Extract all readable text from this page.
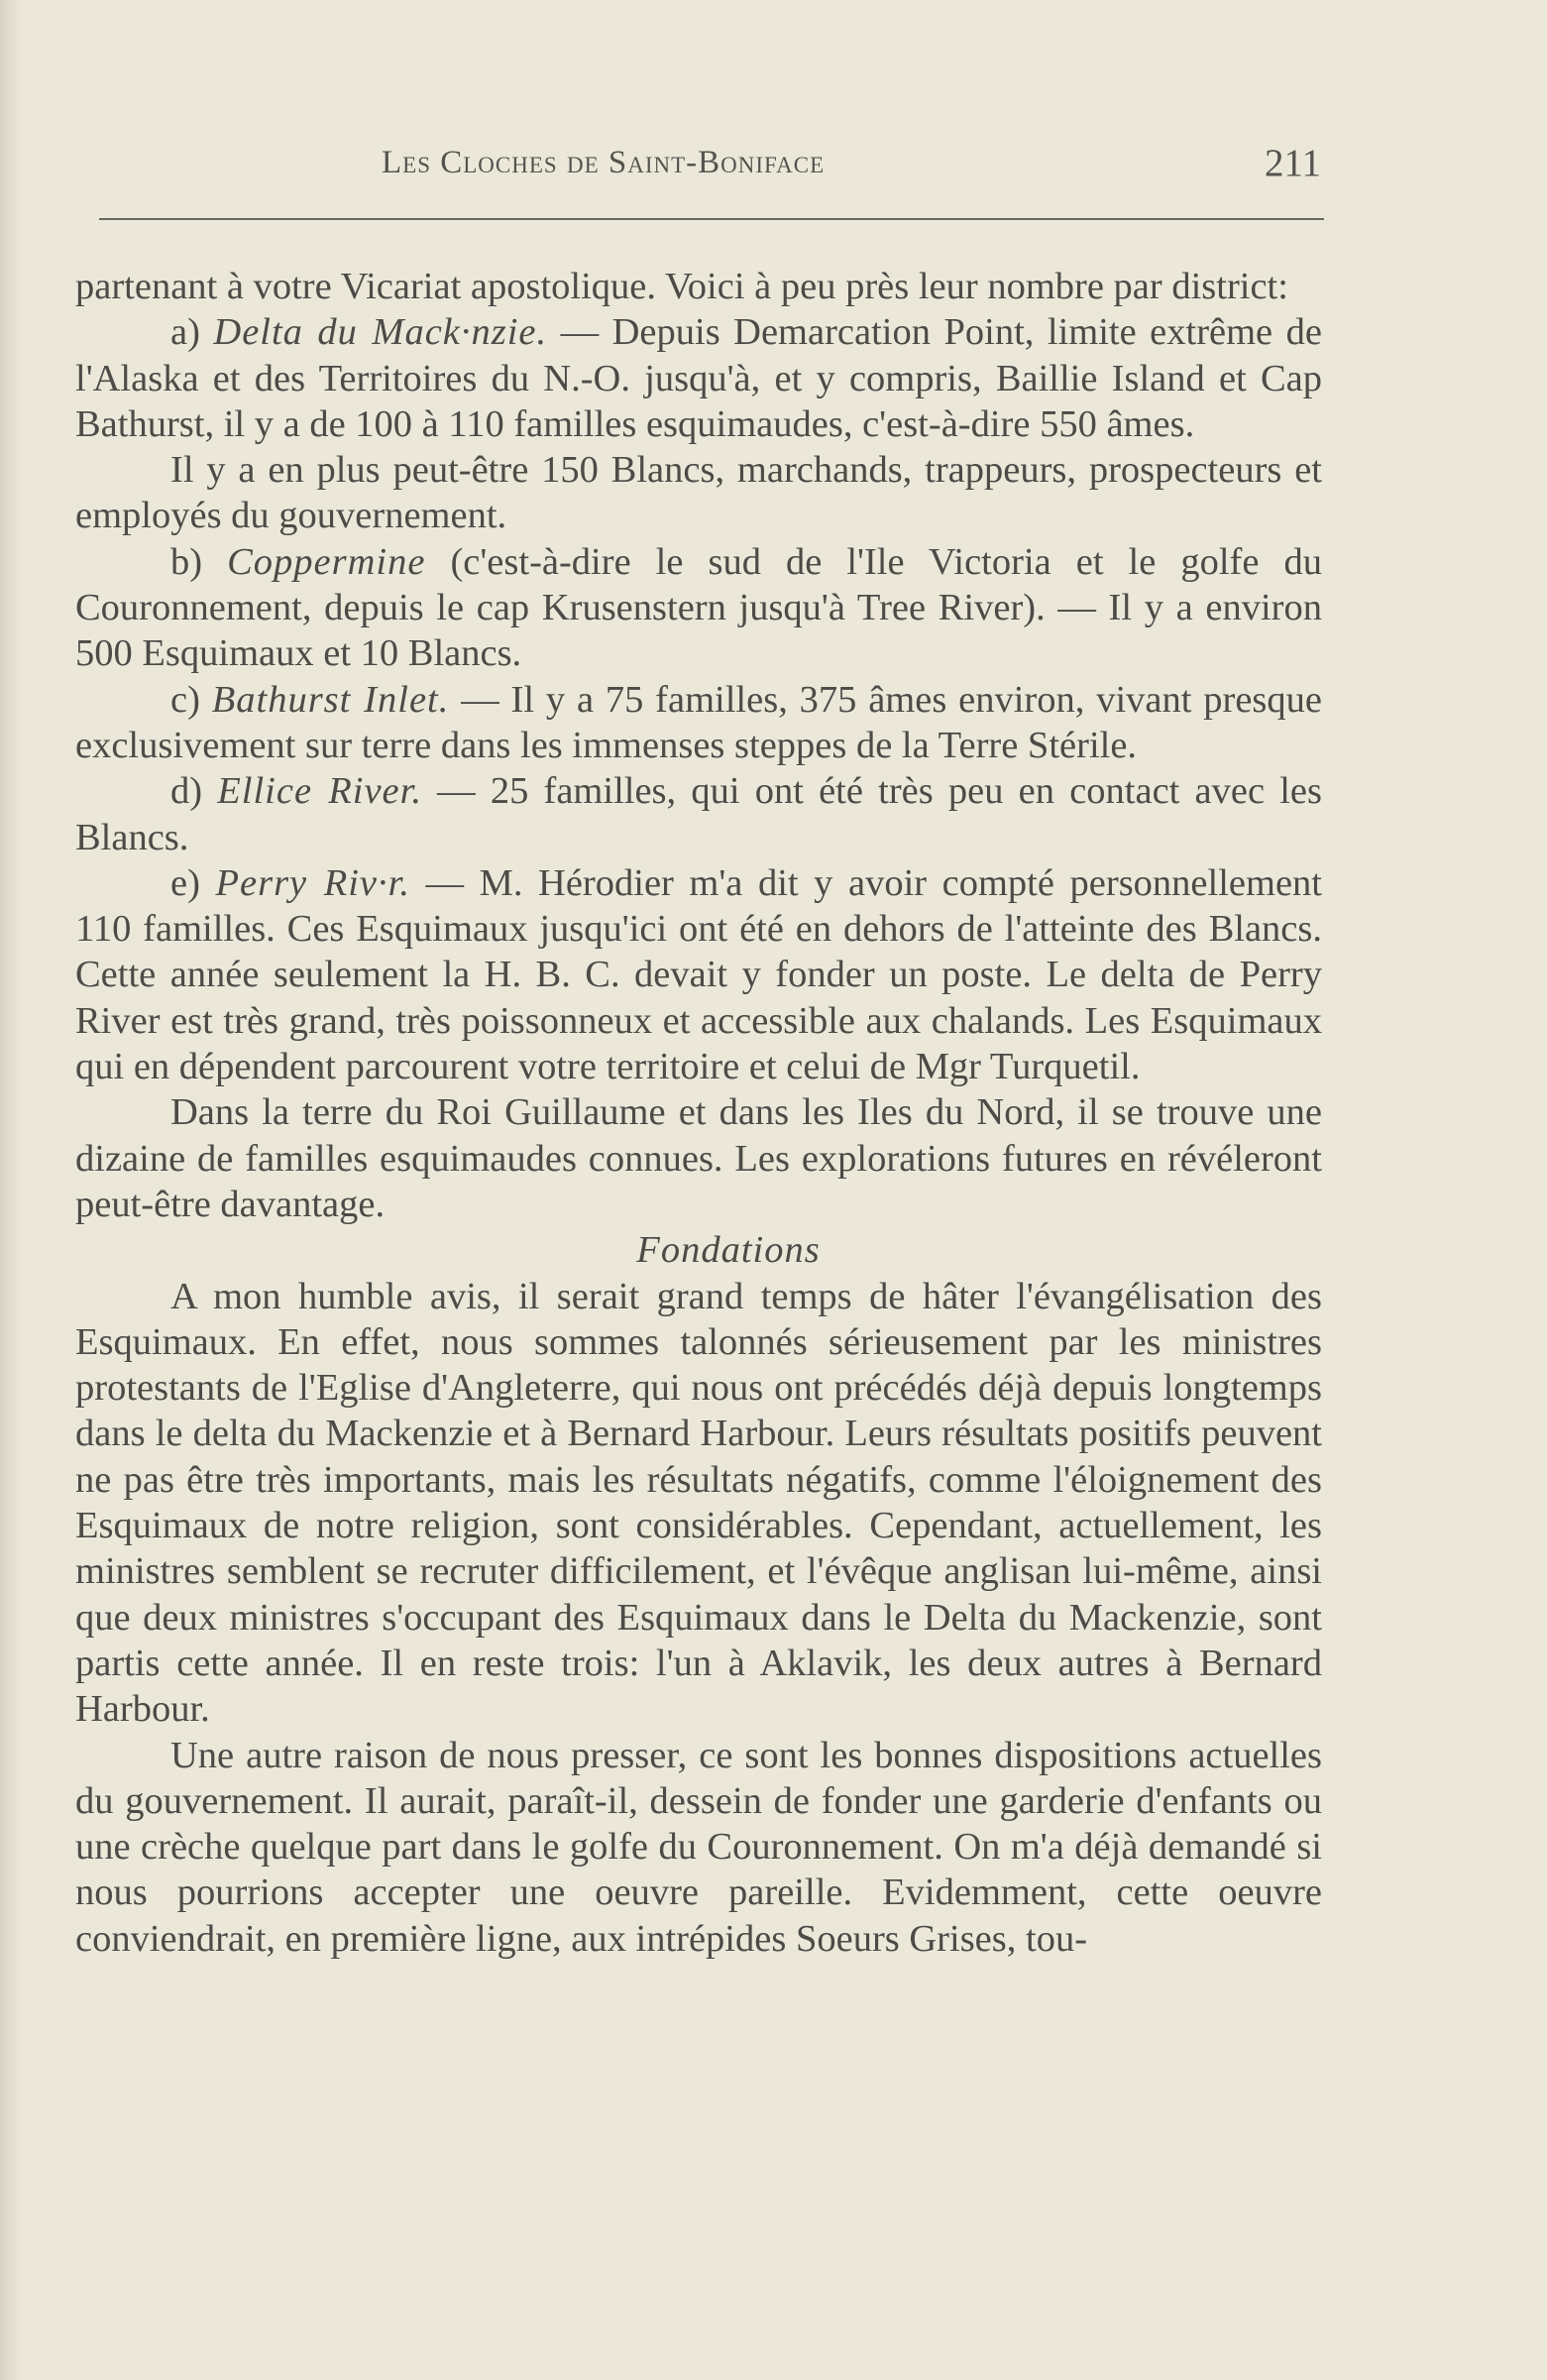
Les Cloches de Saint-Boniface	211

partenant à votre Vicariat apostolique. Voici à peu près leur nombre par district:

a) Delta du Mack·nzie. — Depuis Demarcation Point, limite extrême de l'Alaska et des Territoires du N.-O. jusqu'à, et y compris, Baillie Island et Cap Bathurst, il y a de 100 à 110 familles esquimaudes, c'est-à-dire 550 âmes.

Il y a en plus peut-être 150 Blancs, marchands, trappeurs, prospecteurs et employés du gouvernement.

b) Coppermine (c'est-à-dire le sud de l'Ile Victoria et le golfe du Couronnement, depuis le cap Krusenstern jusqu'à Tree River). — Il y a environ 500 Esquimaux et 10 Blancs.

c) Bathurst Inlet. — Il y a 75 familles, 375 âmes environ, vivant presque exclusivement sur terre dans les immenses steppes de la Terre Stérile.

d) Ellice River. — 25 familles, qui ont été très peu en contact avec les Blancs.

e) Perry Riv·r. — M. Hérodier m'a dit y avoir compté personnellement 110 familles. Ces Esquimaux jusqu'ici ont été en dehors de l'atteinte des Blancs. Cette année seulement la H. B. C. devait y fonder un poste. Le delta de Perry River est très grand, très poissonneux et accessible aux chalands. Les Esquimaux qui en dépendent parcourent votre territoire et celui de Mgr Turquetil.

Dans la terre du Roi Guillaume et dans les Iles du Nord, il se trouve une dizaine de familles esquimaudes connues. Les explorations futures en révéleront peut-être davantage.

Fondations

A mon humble avis, il serait grand temps de hâter l'évangélisation des Esquimaux. En effet, nous sommes talonnés sérieusement par les ministres protestants de l'Eglise d'Angleterre, qui nous ont précédés déjà depuis longtemps dans le delta du Mackenzie et à Bernard Harbour. Leurs résultats positifs peuvent ne pas être très importants, mais les résultats négatifs, comme l'éloignement des Esquimaux de notre religion, sont considérables. Cependant, actuellement, les ministres semblent se recruter difficilement, et l'évêque anglisan lui-même, ainsi que deux ministres s'occupant des Esquimaux dans le Delta du Mackenzie, sont partis cette année. Il en reste trois: l'un à Aklavik, les deux autres à Bernard Harbour.

Une autre raison de nous presser, ce sont les bonnes dispositions actuelles du gouvernement. Il aurait, paraît-il, dessein de fonder une garderie d'enfants ou une crèche quelque part dans le golfe du Couronnement. On m'a déjà demandé si nous pourrions accepter une oeuvre pareille. Evidemment, cette oeuvre conviendrait, en première ligne, aux intrépides Soeurs Grises, tou-
